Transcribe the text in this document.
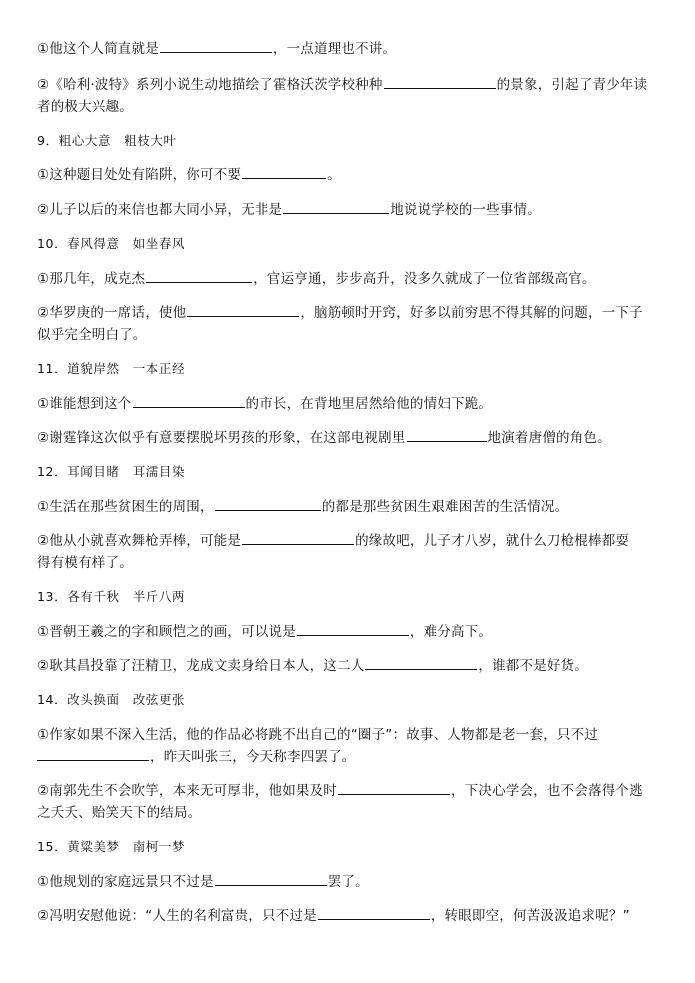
①他这个人简直就是	，一点道理也不讲。
②《哈利·波特》系列小说生动地描绘了霍格沃茨学校种种	的景象，引起了青少年读
者的极大兴趣。
9．粗心大意　粗枝大叶
①这种题目处处有陷阱，你可不要	。
②儿子以后的来信也都大同小异，无非是	地说说学校的一些事情。
10．春风得意　如坐春风
①那几年，成克杰	，官运亨通，步步高升，没多久就成了一位省部级高官。
②华罗庚的一席话，使他	，脑筋顿时开窍，好多以前穷思不得其解的问题，一下子
似乎完全明白了。
11．道貌岸然　一本正经
①谁能想到这个	的市长，在背地里居然给他的情妇下跪。
②谢霆锋这次似乎有意要摆脱坏男孩的形象，在这部电视剧里	地演着唐僧的角色。
12．耳闻目睹　耳濡目染
①生活在那些贫困生的周围，	的都是那些贫困生艰难困苦的生活情况。
②他从小就喜欢舞枪弄棒，可能是	的缘故吧，儿子才八岁，就什么刀枪棍棒都耍
得有模有样了。
13．各有千秋　半斤八两
①晋朝王羲之的字和顾恺之的画，可以说是	，难分高下。
②耿其昌投靠了汪精卫，龙成文卖身给日本人，这二人	，谁都不是好货。
14．改头换面　改弦更张
①作家如果不深入生活，他的作品必将跳不出自己的“圈子”：故事、人物都是老一套，只不过
，昨天叫张三，今天称李四罢了。
②南郭先生不会吹竽，本来无可厚非，他如果及时	，下决心学会，也不会落得个逃
之夭夭、贻笑天下的结局。
15．黄粱美梦　南柯一梦
①他规划的家庭远景只不过是	罢了。
②冯明安慰他说：“人生的名利富贵，只不过是	，转眼即空，何苦汲汲追求呢？”
